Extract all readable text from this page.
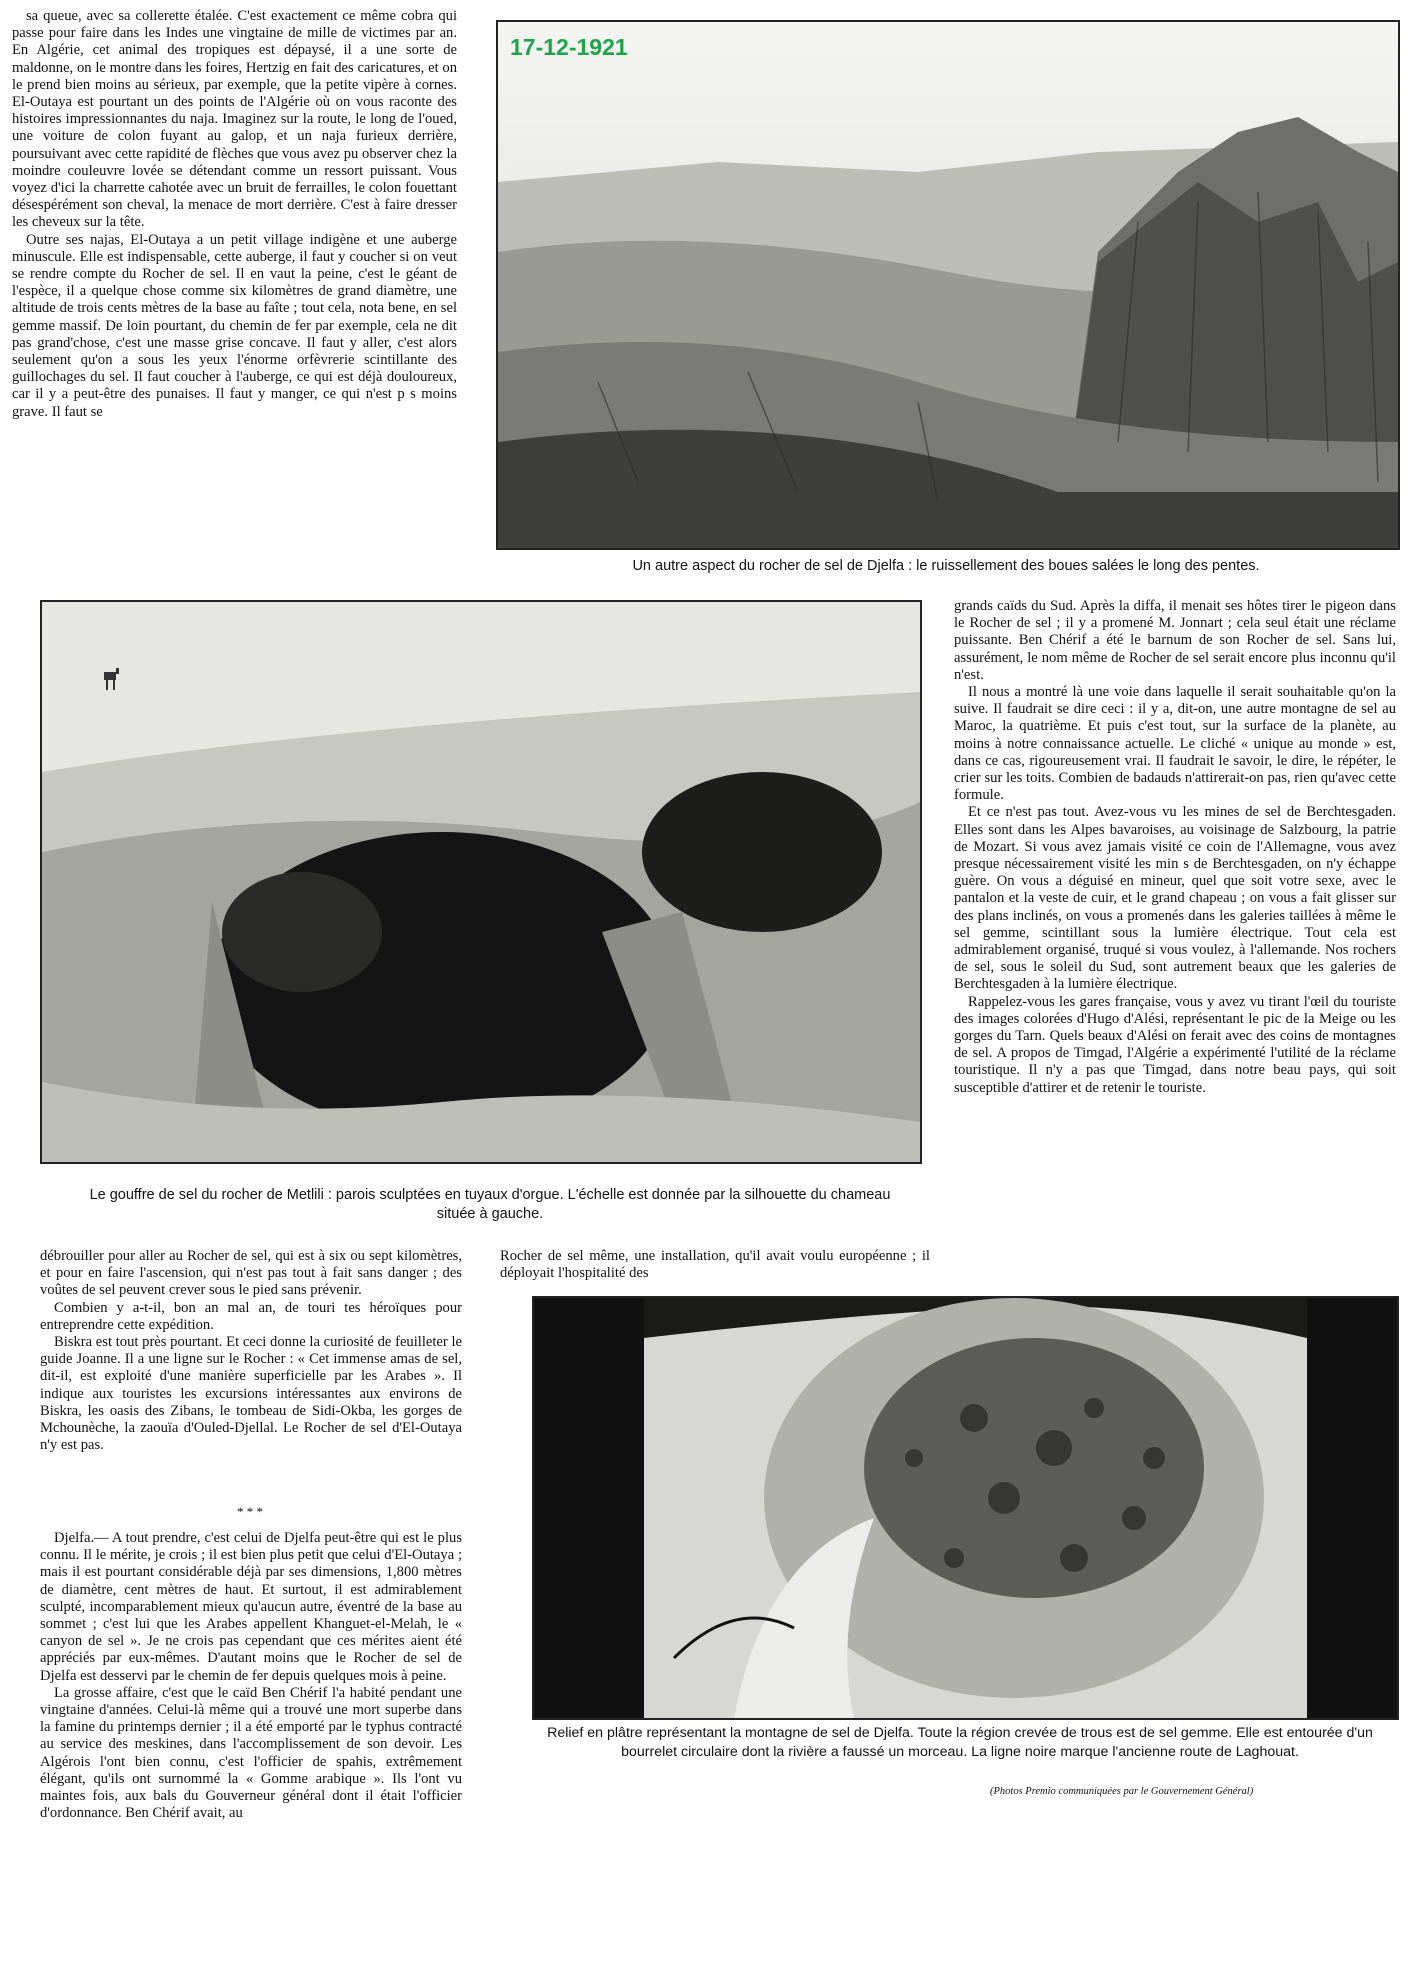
17-12-1921

sa queue, avec sa collerette étalée. C'est exactement ce même cobra qui passe pour faire dans les Indes une vingtaine de mille de victimes par an. En Algérie, cet animal des tropiques est dépaysé, il a une sorte de maldonne, on le montre dans les foires, Hertzig en fait des caricatures, et on le prend bien moins au sérieux, par exemple, que la petite vipère à cornes. El-Outaya est pourtant un des points de l'Algérie où on vous raconte des histoires impressionnantes du naja. Imaginez sur la route, le long de l'oued, une voiture de colon fuyant au galop, et un naja furieux derrière, poursuivant avec cette rapidité de flèches que vous avez pu observer chez la moindre couleuvre lovée se détendant comme un ressort puissant. Vous voyez d'ici la charrette cahotée avec un bruit de ferrailles, le colon fouettant désespérément son cheval, la menace de mort derrière. C'est à faire dresser les cheveux sur la tête.

Outre ses najas, El-Outaya a un petit village indigène et une auberge minuscule. Elle est indispensable, cette auberge, il faut y coucher si on veut se rendre compte du Rocher de sel. Il en vaut la peine, c'est le géant de l'espèce, il a quelque chose comme six kilomètres de grand diamètre, une altitude de trois cents mètres de la base au faîte ; tout cela, nota bene, en sel gemme massif. De loin pourtant, du chemin de fer par exemple, cela ne dit pas grand'chose, c'est une masse grise concave. Il faut y aller, c'est alors seulement qu'on a sous les yeux l'énorme orfèvrerie scintillante des guillochages du sel. Il faut coucher à l'auberge, ce qui est déjà douloureux, car il y a peut-être des punaises. Il faut y manger, ce qui n'est p s moins grave. Il faut se

Un autre aspect du rocher de sel de Djelfa : le ruissellement des boues salées le long des pentes.
Le gouffre de sel du rocher de Metlili : parois sculptées en tuyaux d'orgue. L'échelle est donnée par la silhouette du chameau située à gauche.

grands caïds du Sud. Après la diffa, il menait ses hôtes tirer le pigeon dans le Rocher de sel ; il y a promené M. Jonnart ; cela seul était une réclame puissante. Ben Chérif a été le barnum de son Rocher de sel. Sans lui, assurément, le nom même de Rocher de sel serait encore plus inconnu qu'il n'est.

Il nous a montré là une voie dans laquelle il serait souhaitable qu'on la suive. Il faudrait se dire ceci : il y a, dit-on, une autre montagne de sel au Maroc, la quatrième. Et puis c'est tout, sur la surface de la planète, au moins à notre connaissance actuelle. Le cliché « unique au monde » est, dans ce cas, rigoureusement vrai. Il faudrait le savoir, le dire, le répéter, le crier sur les toits. Combien de badauds n'attirerait-on pas, rien qu'avec cette formule.

Et ce n'est pas tout. Avez-vous vu les mines de sel de Berchtesgaden. Elles sont dans les Alpes bavaroises, au voisinage de Salzbourg, la patrie de Mozart. Si vous avez jamais visité ce coin de l'Allemagne, vous avez presque nécessairement visité les min s de Berchtesgaden, on n'y échappe guère. On vous a déguisé en mineur, quel que soit votre sexe, avec le pantalon et la veste de cuir, et le grand chapeau ; on vous a fait glisser sur des plans inclinés, on vous a promenés dans les galeries taillées à même le sel gemme, scintillant sous la lumière électrique. Tout cela est admirablement organisé, truqué si vous voulez, à l'allemande. Nos rochers de sel, sous le soleil du Sud, sont autrement beaux que les galeries de Berchtesgaden à la lumière électrique.

Rappelez-vous les gares française, vous y avez vu tirant l'œil du touriste des images colorées d'Hugo d'Alési, représentant le pic de la Meige ou les gorges du Tarn. Quels beaux d'Alési on ferait avec des coins de montagnes de sel. A propos de Timgad, l'Algérie a expérimenté l'utilité de la réclame touristique. Il n'y a pas que Timgad, dans notre beau pays, qui soit susceptible d'attirer et de retenir le touriste.

débrouiller pour aller au Rocher de sel, qui est à six ou sept kilomètres, et pour en faire l'ascension, qui n'est pas tout à fait sans danger ; des voûtes de sel peuvent crever sous le pied sans prévenir.

Combien y a-t-il, bon an mal an, de touri tes héroïques pour entreprendre cette expédition.

Biskra est tout près pourtant. Et ceci donne la curiosité de feuilleter le guide Joanne. Il a une ligne sur le Rocher : « Cet immense amas de sel, dit-il, est exploité d'une manière superficielle par les Arabes ». Il indique aux touristes les excursions intéressantes aux environs de Biskra, les oasis des Zibans, le tombeau de Sidi-Okba, les gorges de Mchounèche, la zaouïa d'Ouled-Djellal. Le Rocher de sel d'El-Outaya n'y est pas.

* * *

Djelfa.— A tout prendre, c'est celui de Djelfa peut-être qui est le plus connu. Il le mérite, je crois ; il est bien plus petit que celui d'El-Outaya ; mais il est pourtant considérable déjà par ses dimensions, 1,800 mètres de diamètre, cent mètres de haut. Et surtout, il est admirablement sculpté, incomparablement mieux qu'aucun autre, éventré de la base au sommet ; c'est lui que les Arabes appellent Khanguet-el-Melah, le « canyon de sel ». Je ne crois pas cependant que ces mérites aient été appréciés par eux-mêmes. D'autant moins que le Rocher de sel de Djelfa est desservi par le chemin de fer depuis quelques mois à peine.

La grosse affaire, c'est que le caïd Ben Chérif l'a habité pendant une vingtaine d'années. Celui-là même qui a trouvé une mort superbe dans la famine du printemps dernier ; il a été emporté par le typhus contracté au service des meskines, dans l'accomplissement de son devoir. Les Algérois l'ont bien connu, c'est l'officier de spahis, extrêmement élégant, qu'ils ont surnommé la « Gomme arabique ». Ils l'ont vu maintes fois, aux bals du Gouverneur général dont il était l'officier d'ordonnance. Ben Chérif avait, au

Rocher de sel même, une installation, qu'il avait voulu européenne ; il déployait l'hospitalité des

Relief en plâtre représentant la montagne de sel de Djelfa. Toute la région crevée de trous est de sel gemme. Elle est entourée d'un bourrelet circulaire dont la rivière a faussé un morceau. La ligne noire marque l'ancienne route de Laghouat.
(Photos Premio communiquées par le Gouvernement Général)
